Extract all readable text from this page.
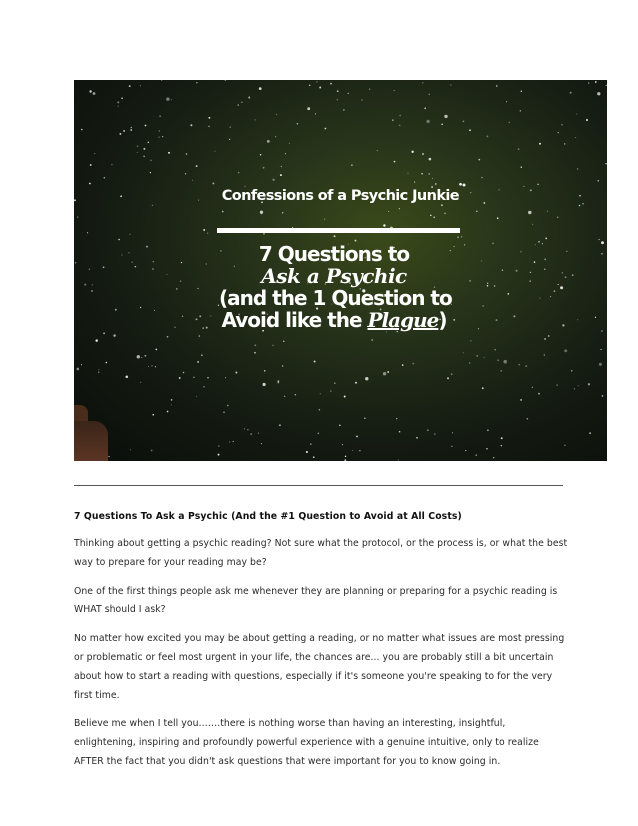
Confessions of a Psychic Junkie
7 Questions to
Ask a Psychic
(and the 1 Question to
Avoid like the Plague)
7 Questions To Ask a Psychic (And the #1 Question to Avoid at All Costs)

Thinking about getting a psychic reading? Not sure what the protocol, or the process is, or what the best way to prepare for your reading may be?

One of the first things people ask me whenever they are planning or preparing for a psychic reading is WHAT should I ask?

No matter how excited you may be about getting a reading, or no matter what issues are most pressing or problematic or feel most urgent in your life, the chances are... you are probably still a bit uncertain about how to start a reading with questions, especially if it's someone you're speaking to for the very first time.

Believe me when I tell you…….there is nothing worse than having an interesting, insightful, enlightening, inspiring and profoundly powerful experience with a genuine intuitive, only to realize AFTER the fact that you didn't ask questions that were important for you to know going in.
